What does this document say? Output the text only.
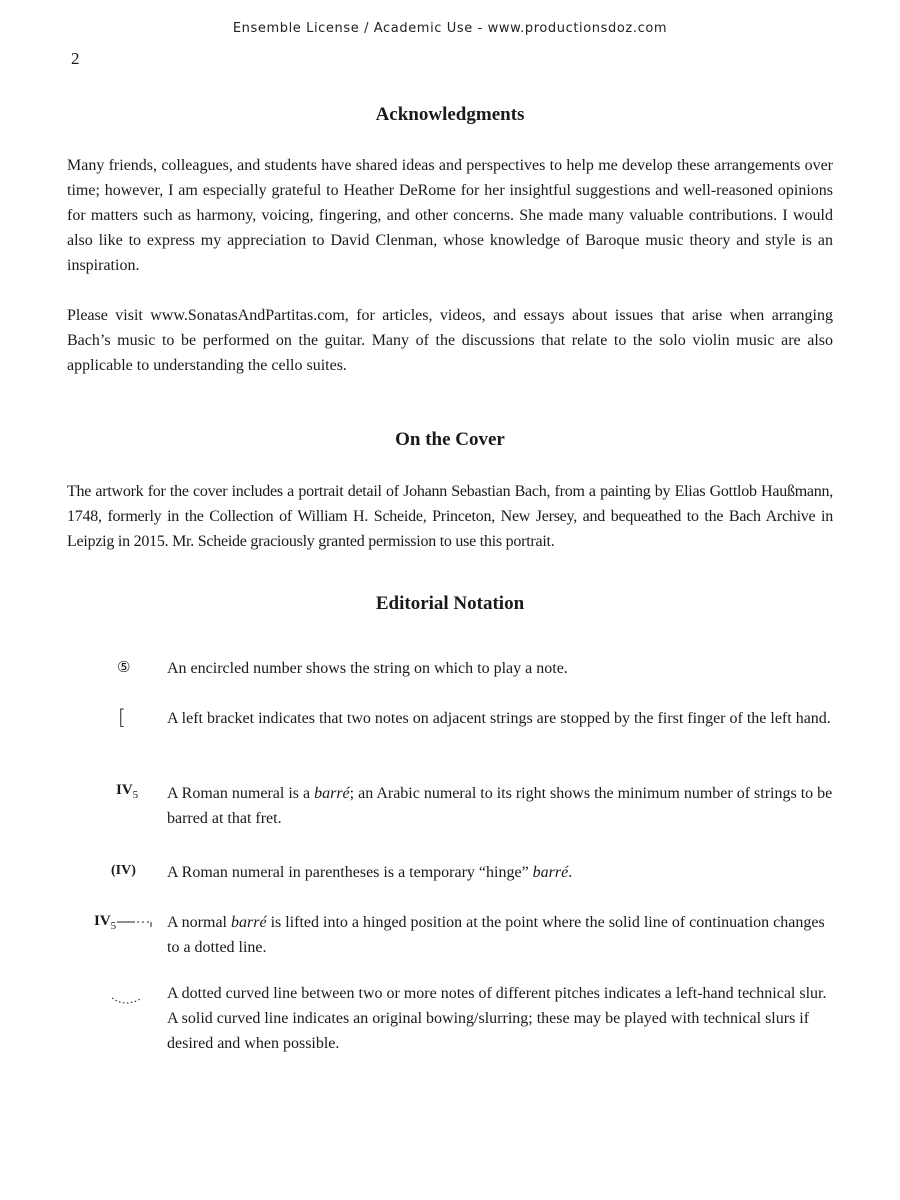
Ensemble License / Academic Use - www.productionsdoz.com
2
Acknowledgments

Many friends, colleagues, and students have shared ideas and perspectives to help me develop these arrangements over time; however, I am especially grateful to Heather DeRome for her insightful suggestions and well-reasoned opinions for matters such as harmony, voicing, fingering, and other concerns. She made many valuable contributions. I would also like to express my appreciation to David Clenman, whose knowledge of Baroque music theory and style is an inspiration.

Please visit www.SonatasAndPartitas.com, for articles, videos, and essays about issues that arise when arranging Bach’s music to be performed on the guitar. Many of the discussions that relate to the solo violin music are also applicable to understanding the cello suites.

On the Cover

The artwork for the cover includes a portrait detail of Johann Sebastian Bach, from a painting by Elias Gottlob Haußmann, 1748, formerly in the Collection of William H. Scheide, Princeton, New Jersey, and bequeathed to the Bach Archive in Leipzig in 2015. Mr. Scheide graciously granted permission to use this portrait.

Editorial Notation
⑤ An encircled number shows the string on which to play a note.

[	A left bracket indicates that two notes on adjacent strings are stopped by the first finger of the left hand.

$IV_5$ A Roman numeral is a barré; an Arabic numeral to its right shows the minimum number of strings to be barred at that fret.

(IV) A Roman numeral in parentheses is a temporary “hinge” barré.

$IV_5$	A normal barré is lifted into a hinged position at the point where the solid line of continuation changes to a dotted line.

A dotted curved line between two or more notes of different pitches indicates a left-hand technical slur. A solid curved line indicates an original bowing/slurring; these may be played with technical slurs if desired and when possible.
